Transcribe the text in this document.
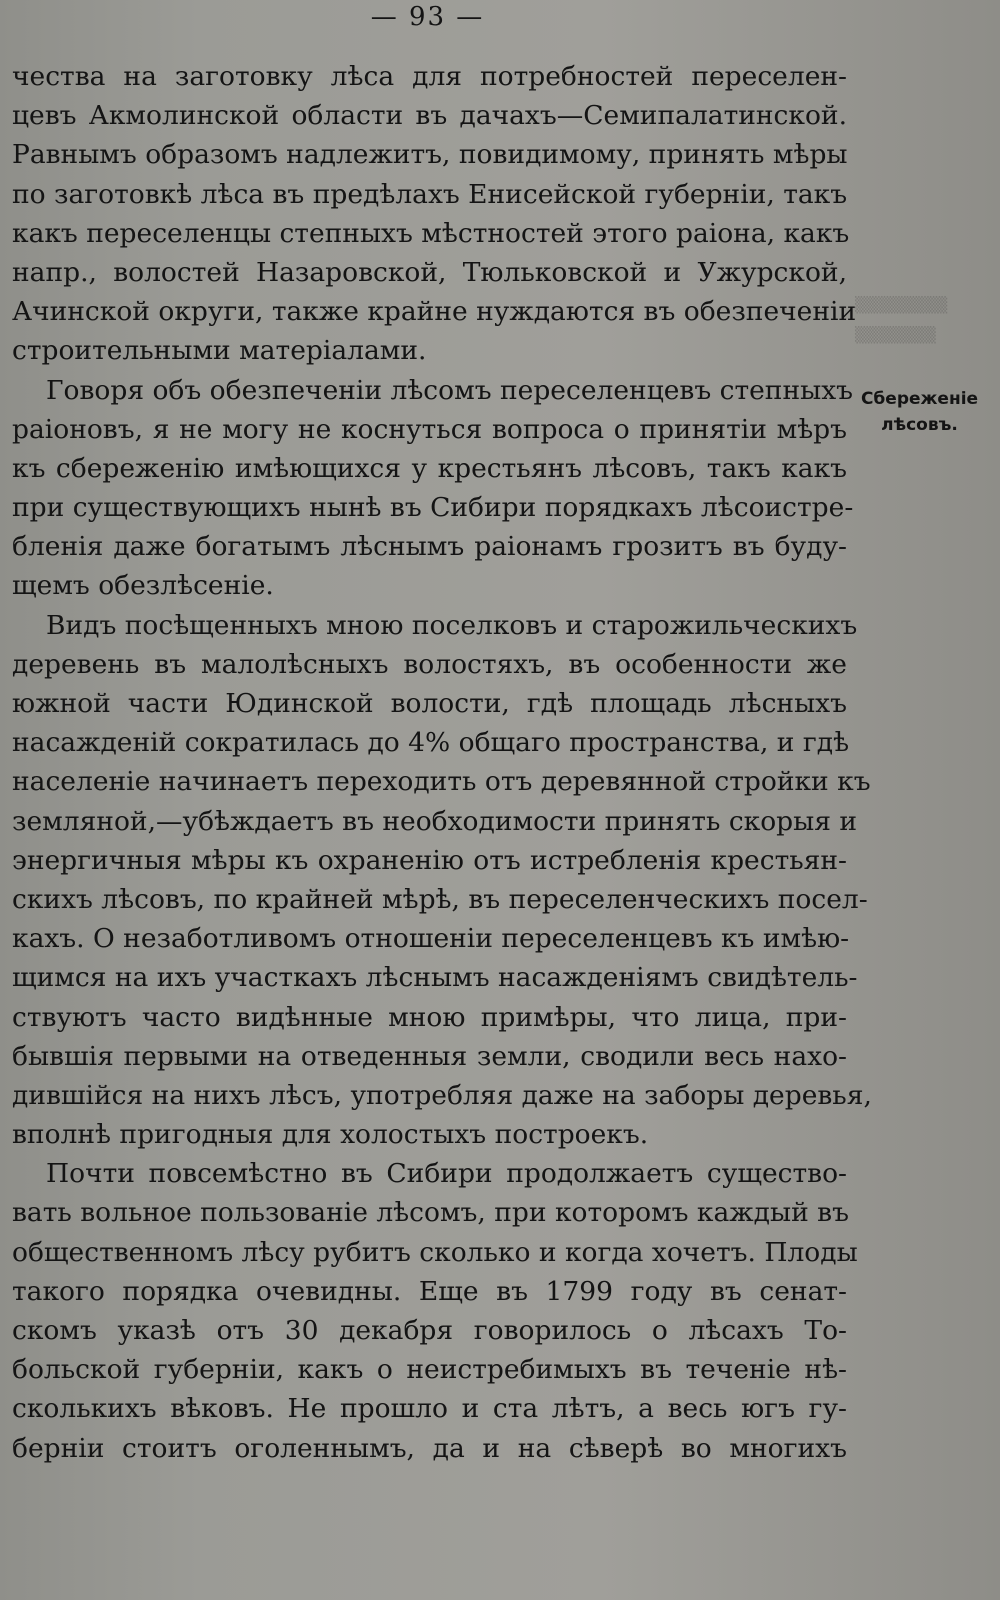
▒▒▒▒▒▒▒▒
▒▒▒▒▒▒▒
— 93 —
чества на заготовку лѣса для потребностей переселен-
цевъ Акмолинской области въ дачахъ—Семипалатинской.
Равнымъ образомъ надлежитъ, повидимому, принять мѣры
по заготовкѣ лѣса въ предѣлахъ Енисейской губерніи, такъ
какъ переселенцы степныхъ мѣстностей этого раіона, какъ
напр., волостей Назаровской, Тюльковской и Ужурской,
Ачинской округи, также крайне нуждаются въ обезпеченіи
строительными матеріалами.
Говоря объ обезпеченіи лѣсомъ переселенцевъ степныхъ
раіоновъ, я не могу не коснуться вопроса о принятіи мѣръ
къ сбереженію имѣющихся у крестьянъ лѣсовъ, такъ какъ
при существующихъ нынѣ въ Сибири порядкахъ лѣсоистре-
бленія даже богатымъ лѣснымъ раіонамъ грозитъ въ буду-
щемъ обезлѣсеніе.
Видъ посѣщенныхъ мною поселковъ и старожильческихъ
деревень въ малолѣсныхъ волостяхъ, въ особенности же
южной части Юдинской волости, гдѣ площадь лѣсныхъ
насажденій сократилась до 4% общаго пространства, и гдѣ
населеніе начинаетъ переходить отъ деревянной стройки къ
земляной,—убѣждаетъ въ необходимости принять скорыя и
энергичныя мѣры къ охраненію отъ истребленія крестьян-
скихъ лѣсовъ, по крайней мѣрѣ, въ переселенческихъ посел-
кахъ. О незаботливомъ отношеніи переселенцевъ къ имѣю-
щимся на ихъ участкахъ лѣснымъ насажденіямъ свидѣтель-
ствуютъ часто видѣнные мною примѣры, что лица, при-
бывшія первыми на отведенныя земли, сводили весь нахо-
дившійся на нихъ лѣсъ, употребляя даже на заборы деревья,
вполнѣ пригодныя для холостыхъ построекъ.
Почти повсемѣстно въ Сибири продолжаетъ существо-
вать вольное пользованіе лѣсомъ, при которомъ каждый въ
общественномъ лѣсу рубитъ сколько и когда хочетъ. Плоды
такого порядка очевидны. Еще въ 1799 году въ сенат-
скомъ указѣ отъ 30 декабря говорилось о лѣсахъ То-
больской губерніи, какъ о неистребимыхъ въ теченіе нѣ-
сколькихъ вѣковъ. Не прошло и ста лѣтъ, а весь югъ гу-
берніи стоитъ оголеннымъ, да и на сѣверѣ во многихъ
Сбереженіе
лѣсовъ.
